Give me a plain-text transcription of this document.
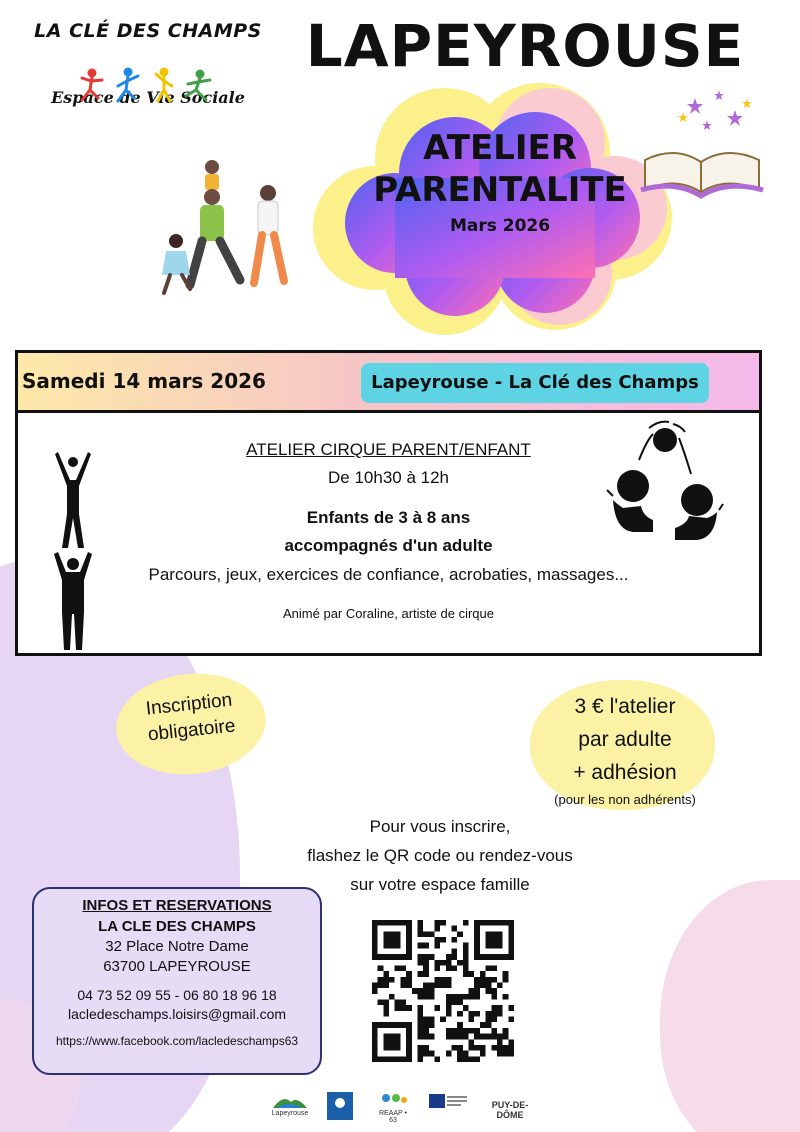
LA CLÉ DES CHAMPS
Espace de Vie Sociale
LAPEYROUSE
ATELIER
PARENTALITE
Mars 2026
Samedi 14 mars 2026	Lapeyrouse - La Clé des Champs
ATELIER CIRQUE PARENT/ENFANT
De 10h30 à 12h
Enfants de 3 à 8 ans
accompagnés d'un adulte
Parcours, jeux, exercices de confiance, acrobaties, massages...
Animé par Coraline, artiste de cirque
Inscription
obligatoire
3 € l'atelier
par adulte
+ adhésion
(pour les non adhérents)
Pour vous inscrire,
flashez le QR code ou rendez-vous
sur votre espace famille
INFOS ET RESERVATIONS
LA CLE DES CHAMPS
32 Place Notre Dame
63700 LAPEYROUSE
04 73 52 09 55 - 06 80 18 96 18
lacledeschamps.loisirs@gmail.com
https://www.facebook.com/lacledeschamps63
Lapeyrouse	REAAP • 63
PUY-DE-DÔME
